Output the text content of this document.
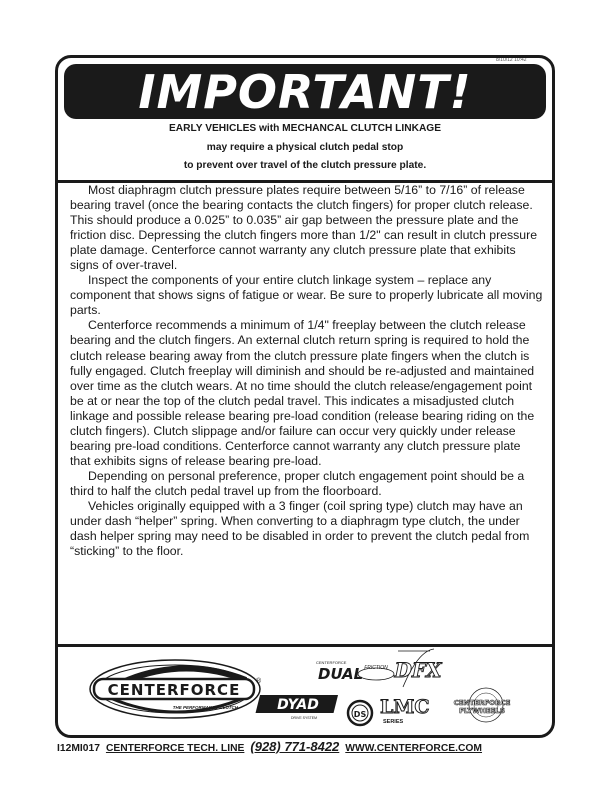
8/10/12 10:42
IMPORTANT!
EARLY VEHICLES with MECHANCAL CLUTCH LINKAGE
may require a physical clutch pedal stop
to prevent over travel of the clutch pressure plate.

Most diaphragm clutch pressure plates require between 5/16” to 7/16” of release bearing travel (once the bearing contacts the clutch fingers) for proper clutch release. This should produce a 0.025” to 0.035” air gap between the pressure plate and the friction disc. Depressing the clutch fingers more than 1/2" can result in clutch pressure plate damage. Centerforce cannot warranty any clutch pressure plate that exhibits signs of over-travel.

Inspect the components of your entire clutch linkage system – replace any component that shows signs of fatigue or wear. Be sure to properly lubricate all moving parts.

Centerforce recommends a minimum of 1/4" freeplay between the clutch release bearing and the clutch fingers. An external clutch return spring is required to hold the clutch release bearing away from the clutch pressure plate fingers when the clutch is fully engaged. Clutch freeplay will diminish and should be re-adjusted and maintained over time as the clutch wears. At no time should the clutch release/engagement point be at or near the top of the clutch pedal travel. This indicates a misadjusted clutch linkage and possible release bearing pre-load condition (release bearing riding on the clutch fingers). Clutch slippage and/or failure can occur very quickly under release bearing pre-load conditions. Centerforce cannot warranty any clutch pressure plate that exhibits signs of release bearing pre-load.

Depending on personal preference, proper clutch engagement point should be a third to half the clutch pedal travel up from the floorboard.

Vehicles originally equipped with a 3 finger (coil spring type) clutch may have an under dash “helper” spring. When converting to a diaphragm type clutch, the under dash helper spring may need to be disabled in order to prevent the clutch pedal from “sticking” to the floor.

CENTERFORCE ®
THE PERFORMANCE CLUTCH
CENTERFORCE
DUAL FRICTION DFX
DYAD
DRIVE SYSTEM	DS LMC
SERIES
CENTERFORCE
FLYWHEELS
I12MI017 CENTERFORCE TECH. LINE (928) 771-8422 WWW.CENTERFORCE.COM
